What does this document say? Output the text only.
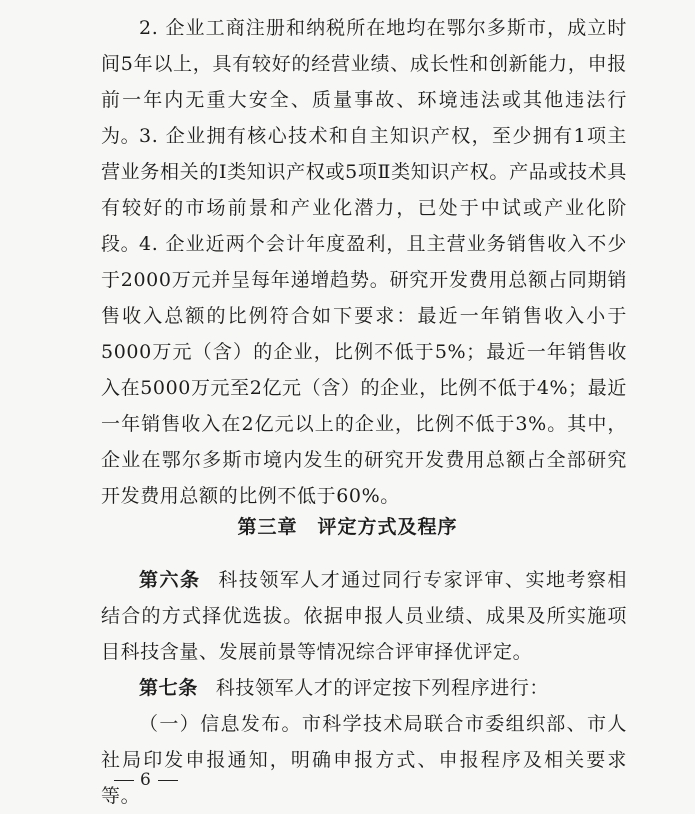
2. 企业工商注册和纳税所在地均在鄂尔多斯市，成立时间5年以上，具有较好的经营业绩、成长性和创新能力，申报前一年内无重大安全、质量事故、环境违法或其他违法行为。

3. 企业拥有核心技术和自主知识产权，至少拥有1项主营业务相关的Ⅰ类知识产权或5项Ⅱ类知识产权。产品或技术具有较好的市场前景和产业化潜力，已处于中试或产业化阶段。

4. 企业近两个会计年度盈利，且主营业务销售收入不少于2000万元并呈每年递增趋势。研究开发费用总额占同期销售收入总额的比例符合如下要求：最近一年销售收入小于5000万元（含）的企业，比例不低于5%；最近一年销售收入在5000万元至2亿元（含）的企业，比例不低于4%；最近一年销售收入在2亿元以上的企业，比例不低于3%。其中，企业在鄂尔多斯市境内发生的研究开发费用总额占全部研究开发费用总额的比例不低于60%。

第三章　评定方式及程序

第六条 科技领军人才通过同行专家评审、实地考察相结合的方式择优选拔。依据申报人员业绩、成果及所实施项目科技含量、发展前景等情况综合评审择优评定。

第七条 科技领军人才的评定按下列程序进行：

（一）信息发布。市科学技术局联合市委组织部、市人社局印发申报通知，明确申报方式、申报程序及相关要求等。

6
